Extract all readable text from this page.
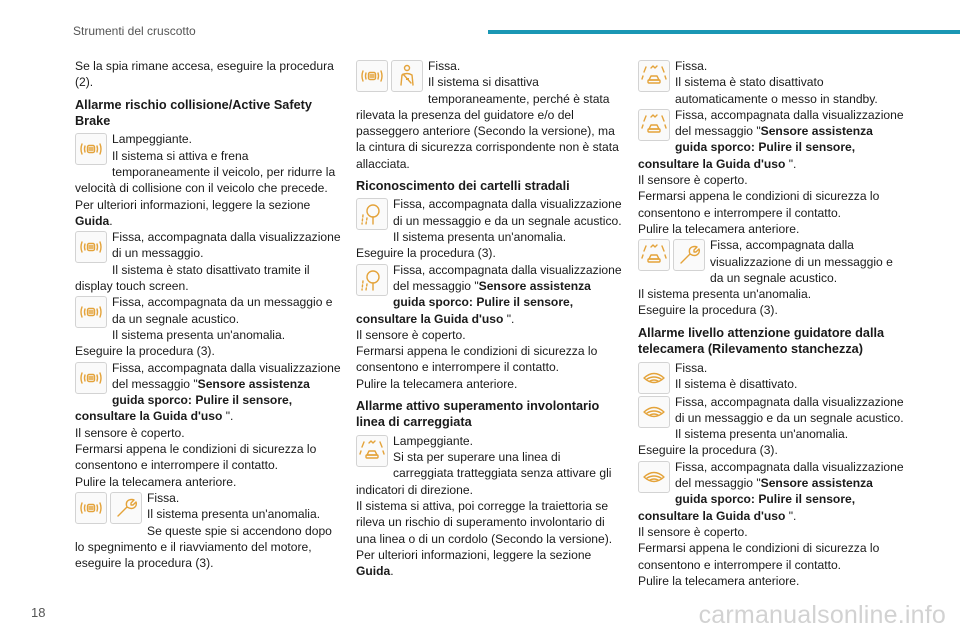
Strumenti del cruscotto

Se la spia rimane accesa, eseguire la procedura (2).

Allarme rischio collisione/Active Safety Brake

Lampeggiante.
Il sistema si attiva e frena temporaneamente il veicolo, per ridurre la velocità di collisione con il veicolo che precede.
Per ulteriori informazioni, leggere la sezione Guida.
Fissa, accompagnata dalla visualizzazione di un messaggio.
Il sistema è stato disattivato tramite il display touch screen.
Fissa, accompagnata da un messaggio e da un segnale acustico.
Il sistema presenta un'anomalia.
Eseguire la procedura (3).
Fissa, accompagnata dalla visualizzazione del messaggio "Sensore assistenza guida sporco: Pulire il sensore, consultare la Guida d'uso ".
Il sensore è coperto.
Fermarsi appena le condizioni di sicurezza lo consentono e interrompere il contatto.
Pulire la telecamera anteriore.
Fissa.
Il sistema presenta un'anomalia.
Se queste spie si accendono dopo lo spegnimento e il riavviamento del motore, eseguire la procedura (3).
Fissa.
Il sistema si disattiva temporaneamente, perché è stata rilevata la presenza del guidatore e/o del passeggero anteriore (Secondo la versione), ma la cintura di sicurezza corrispondente non è stata allacciata.

Riconoscimento dei cartelli stradali

Fissa, accompagnata dalla visualizzazione di un messaggio e da un segnale acustico.
Il sistema presenta un'anomalia.
Eseguire la procedura (3).
Fissa, accompagnata dalla visualizzazione del messaggio "Sensore assistenza guida sporco: Pulire il sensore, consultare la Guida d'uso ".
Il sensore è coperto.
Fermarsi appena le condizioni di sicurezza lo consentono e interrompere il contatto.
Pulire la telecamera anteriore.

Allarme attivo superamento involontario linea di carreggiata

Lampeggiante.
Si sta per superare una linea di carreggiata tratteggiata senza attivare gli indicatori di direzione.
Il sistema si attiva, poi corregge la traiettoria se rileva un rischio di superamento involontario di una linea o di un cordolo (Secondo la versione).
Per ulteriori informazioni, leggere la sezione Guida.
Fissa.
Il sistema è stato disattivato automaticamente o messo in standby.
Fissa, accompagnata dalla visualizzazione del messaggio "Sensore assistenza guida sporco: Pulire il sensore, consultare la Guida d'uso ".
Il sensore è coperto.
Fermarsi appena le condizioni di sicurezza lo consentono e interrompere il contatto.
Pulire la telecamera anteriore.
Fissa, accompagnata dalla visualizzazione di un messaggio e da un segnale acustico.
Il sistema presenta un'anomalia.
Eseguire la procedura (3).

Allarme livello attenzione guidatore dalla telecamera (Rilevamento stanchezza)

Fissa.
Il sistema è disattivato.
Fissa, accompagnata dalla visualizzazione di un messaggio e da un segnale acustico.
Il sistema presenta un'anomalia.
Eseguire la procedura (3).
Fissa, accompagnata dalla visualizzazione del messaggio "Sensore assistenza guida sporco: Pulire il sensore, consultare la Guida d'uso ".
Il sensore è coperto.
Fermarsi appena le condizioni di sicurezza lo consentono e interrompere il contatto.
Pulire la telecamera anteriore.
18	carmanualsonline.info
